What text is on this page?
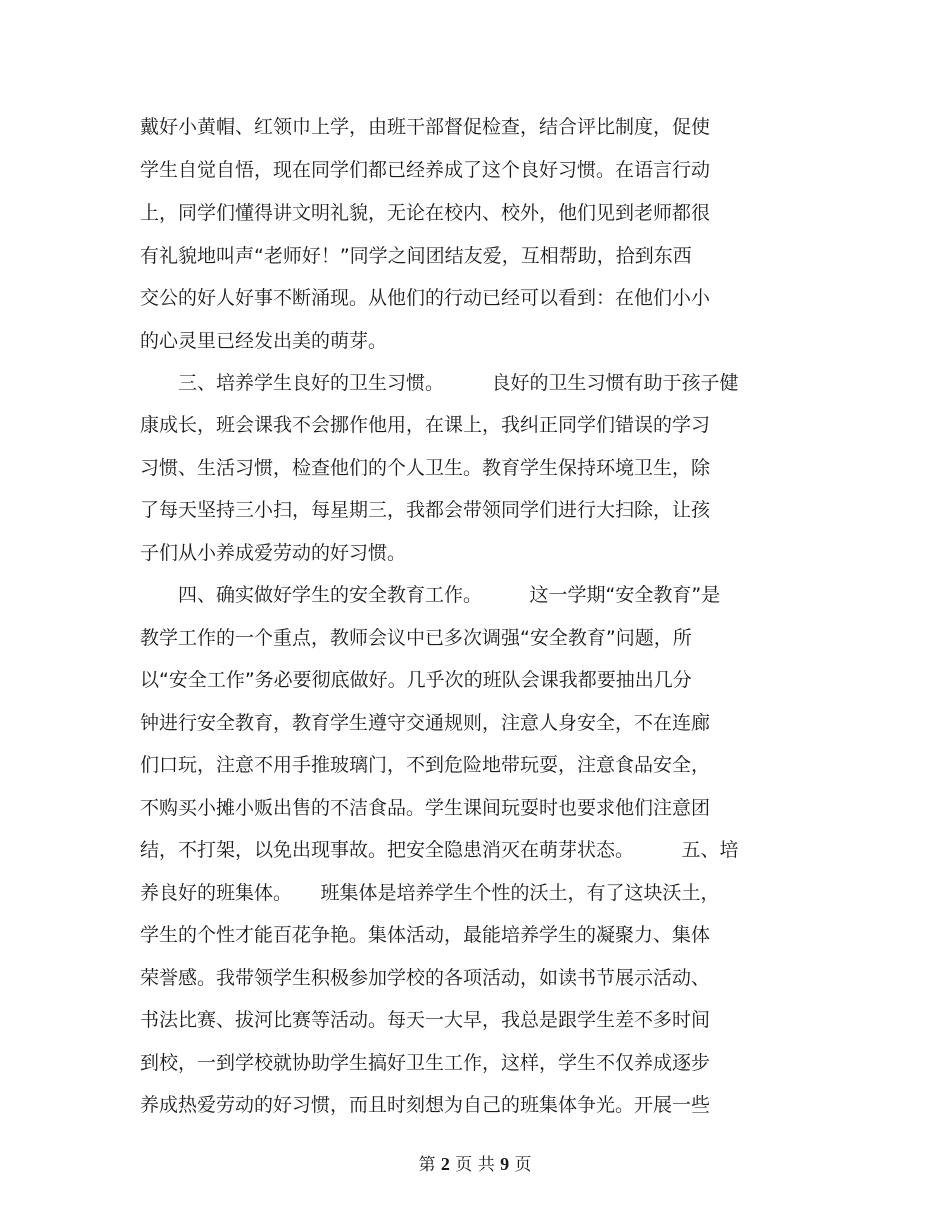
戴好小黄帽、红领巾上学，由班干部督促检查，结合评比制度，促使
学生自觉自悟，现在同学们都已经养成了这个良好习惯。在语言行动
上，同学们懂得讲文明礼貌，无论在校内、校外，他们见到老师都很
有礼貌地叫声“老师好！”同学之间团结友爱，互相帮助，拾到东西
交公的好人好事不断涌现。从他们的行动已经可以看到：在他们小小
的心灵里已经发出美的萌芽。
　　三、培养学生良好的卫生习惯。　　　良好的卫生习惯有助于孩子健
康成长，班会课我不会挪作他用，在课上，我纠正同学们错误的学习
习惯、生活习惯，检查他们的个人卫生。教育学生保持环境卫生，除
了每天坚持三小扫，每星期三，我都会带领同学们进行大扫除，让孩
子们从小养成爱劳动的好习惯。
　　四、确实做好学生的安全教育工作。　　　这一学期“安全教育”是
教学工作的一个重点，教师会议中已多次调强“安全教育”问题，所
以“安全工作”务必要彻底做好。几乎次的班队会课我都要抽出几分
钟进行安全教育，教育学生遵守交通规则，注意人身安全，不在连廊
们口玩，注意不用手推玻璃门，不到危险地带玩耍，注意食品安全，
不购买小摊小贩出售的不洁食品。学生课间玩耍时也要求他们注意团
结，不打架，以免出现事故。把安全隐患消灭在萌芽状态。　　　五、培
养良好的班集体。　　班集体是培养学生个性的沃土，有了这块沃土，
学生的个性才能百花争艳。集体活动，最能培养学生的凝聚力、集体
荣誉感。我带领学生积极参加学校的各项活动，如读书节展示活动、
书法比赛、拔河比赛等活动。每天一大早，我总是跟学生差不多时间
到校，一到学校就协助学生搞好卫生工作，这样，学生不仅养成逐步
养成热爱劳动的好习惯，而且时刻想为自己的班集体争光。开展一些
第 2 页 共 9 页
